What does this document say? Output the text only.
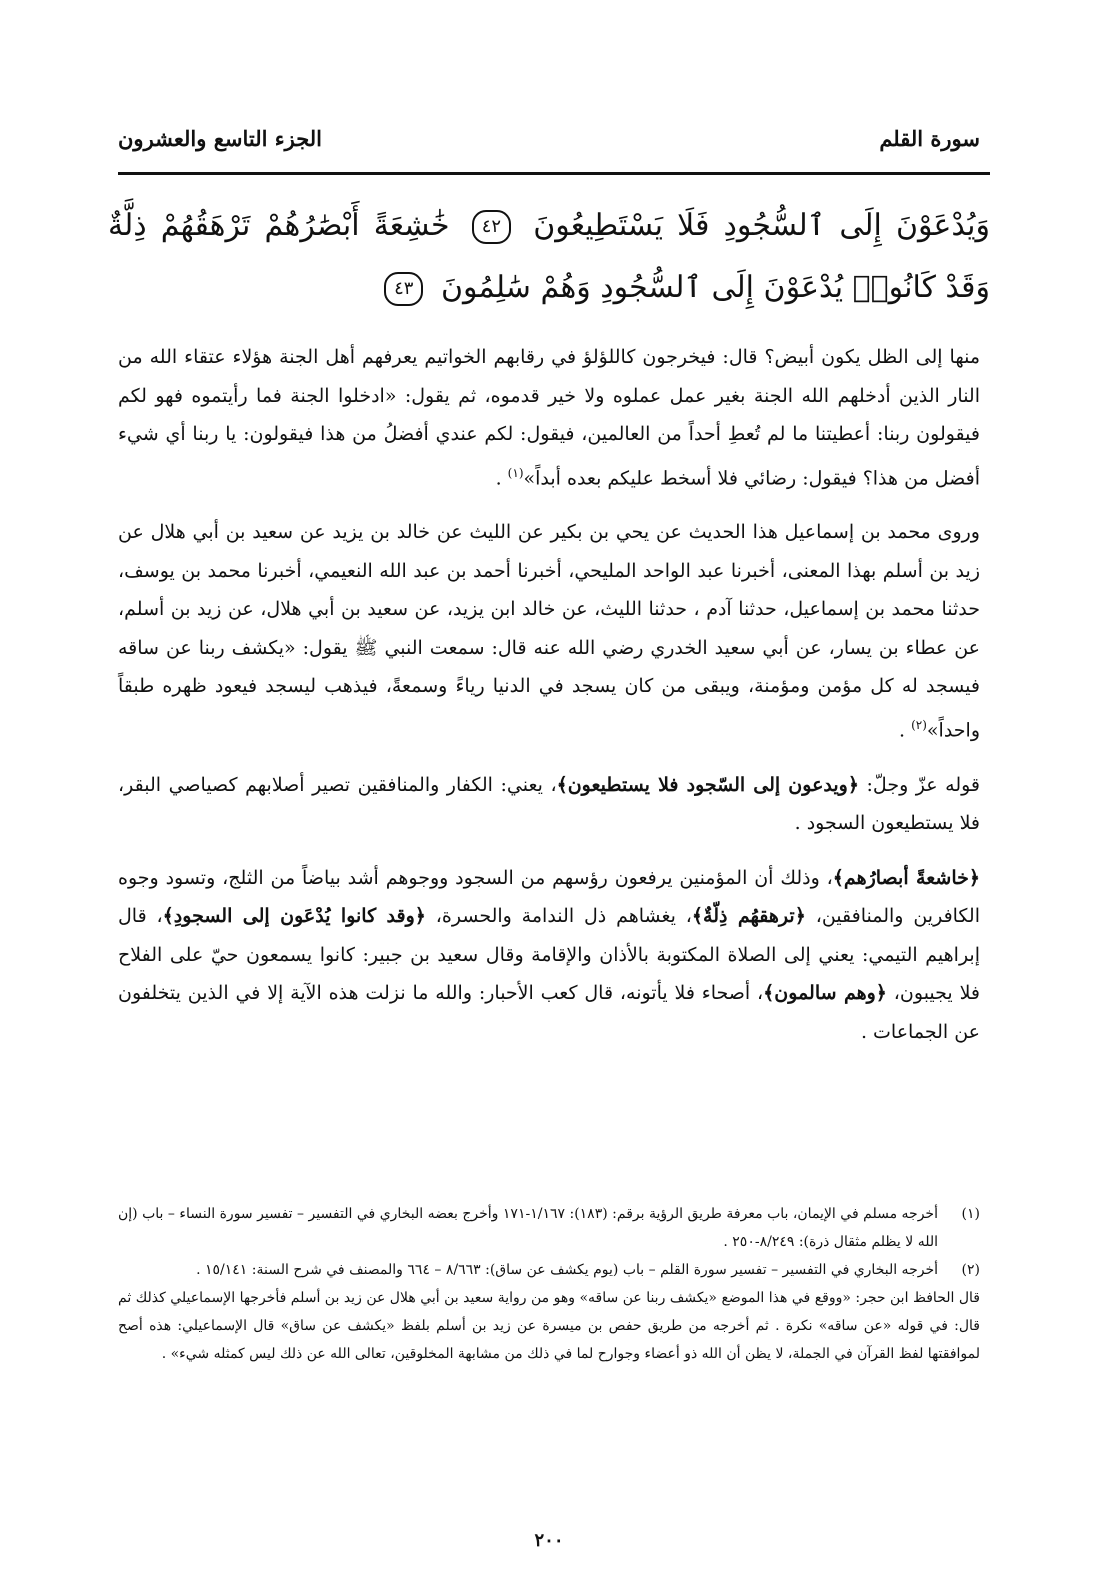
سورة القلم
الجزء التاسع والعشرون
وَيُدْعَوْنَ إِلَى ٱلسُّجُودِ فَلَا يَسْتَطِيعُونَ ٤٢ خَٰشِعَةً أَبْصَٰرُهُمْ تَرْهَقُهُمْ ذِلَّةٌ وَقَدْ كَانُوا۟ يُدْعَوْنَ إِلَى ٱلسُّجُودِ وَهُمْ سَٰلِمُونَ ٤٣

منها إلى الظل يكون أبيض؟ قال: فيخرجون كاللؤلؤ في رقابهم الخواتيم يعرفهم أهل الجنة هؤلاء عتقاء الله من النار الذين أدخلهم الله الجنة بغير عمل عملوه ولا خير قدموه، ثم يقول: «ادخلوا الجنة فما رأيتموه فهو لكم فيقولون ربنا: أعطيتنا ما لم تُعطِ أحداً من العالمين، فيقول: لكم عندي أفضلُ من هذا فيقولون: يا ربنا أي شيء أفضل من هذا؟ فيقول: رضائي فلا أسخط عليكم بعده أبداً»$^{(١)}$ .

وروى محمد بن إسماعيل هذا الحديث عن يحي بن بكير عن الليث عن خالد بن يزيد عن سعيد بن أبي هلال عن زيد بن أسلم بهذا المعنى، أخبرنا عبد الواحد المليحي، أخبرنا أحمد بن عبد الله النعيمي، أخبرنا محمد بن يوسف، حدثنا محمد بن إسماعيل، حدثنا آدم ، حدثنا الليث، عن خالد ابن يزيد، عن سعيد بن أبي هلال، عن زيد بن أسلم، عن عطاء بن يسار، عن أبي سعيد الخدري رضي الله عنه قال: سمعت النبي ﷺ يقول: «يكشف ربنا عن ساقه فيسجد له كل مؤمن ومؤمنة، ويبقى من كان يسجد في الدنيا رياءً وسمعةً، فيذهب ليسجد فيعود ظهره طبقاً واحداً»$^{(٢)}$ .

قوله عزّ وجلّ: ﴿ويدعون إلى السّجود فلا يستطيعون﴾، يعني: الكفار والمنافقين تصير أصلابهم كصياصي البقر، فلا يستطيعون السجود .

﴿خاشعةً أبصارُهم﴾، وذلك أن المؤمنين يرفعون رؤسهم من السجود ووجوهم أشد بياضاً من الثلج، وتسود وجوه الكافرين والمنافقين، ﴿ترهقهُم ذِلّةٌ﴾، يغشاهم ذل الندامة والحسرة، ﴿وقد كانوا يُدْعَون إلى السجودِ﴾، قال إبراهيم التيمي: يعني إلى الصلاة المكتوبة بالأذان والإقامة وقال سعيد بن جبير: كانوا يسمعون حيّ على الفلاح فلا يجيبون، ﴿وهم سالمون﴾، أصحاء فلا يأتونه، قال كعب الأحبار: والله ما نزلت هذه الآية إلا في الذين يتخلفون عن الجماعات .

(١)
أخرجه مسلم في الإيمان، باب معرفة طريق الرؤية برقم: (١٨٣): ١/١٦٧-١٧١ وأخرج بعضه البخاري في التفسير – تفسير سورة النساء – باب (إن الله لا يظلم مثقال ذرة): ٨/٢٤٩-٢٥٠ .
(٢)
أخرجه البخاري في التفسير – تفسير سورة القلم – باب (يوم يكشف عن ساق): ٨/٦٦٣ – ٦٦٤ والمصنف في شرح السنة: ١٥/١٤١ .
قال الحافظ ابن حجر: «ووقع في هذا الموضع «يكشف ربنا عن ساقه» وهو من رواية سعيد بن أبي هلال عن زيد بن أسلم فأخرجها الإسماعيلي كذلك ثم قال: في قوله «عن ساقه» نكرة . ثم أخرجه من طريق حفص بن ميسرة عن زيد بن أسلم بلفظ «يكشف عن ساق» قال الإسماعيلي: هذه أصح لموافقتها لفظ القرآن في الجملة، لا يظن أن الله ذو أعضاء وجوارح لما في ذلك من مشابهة المخلوقين، تعالى الله عن ذلك ليس كمثله شيء» .
٢٠٠
